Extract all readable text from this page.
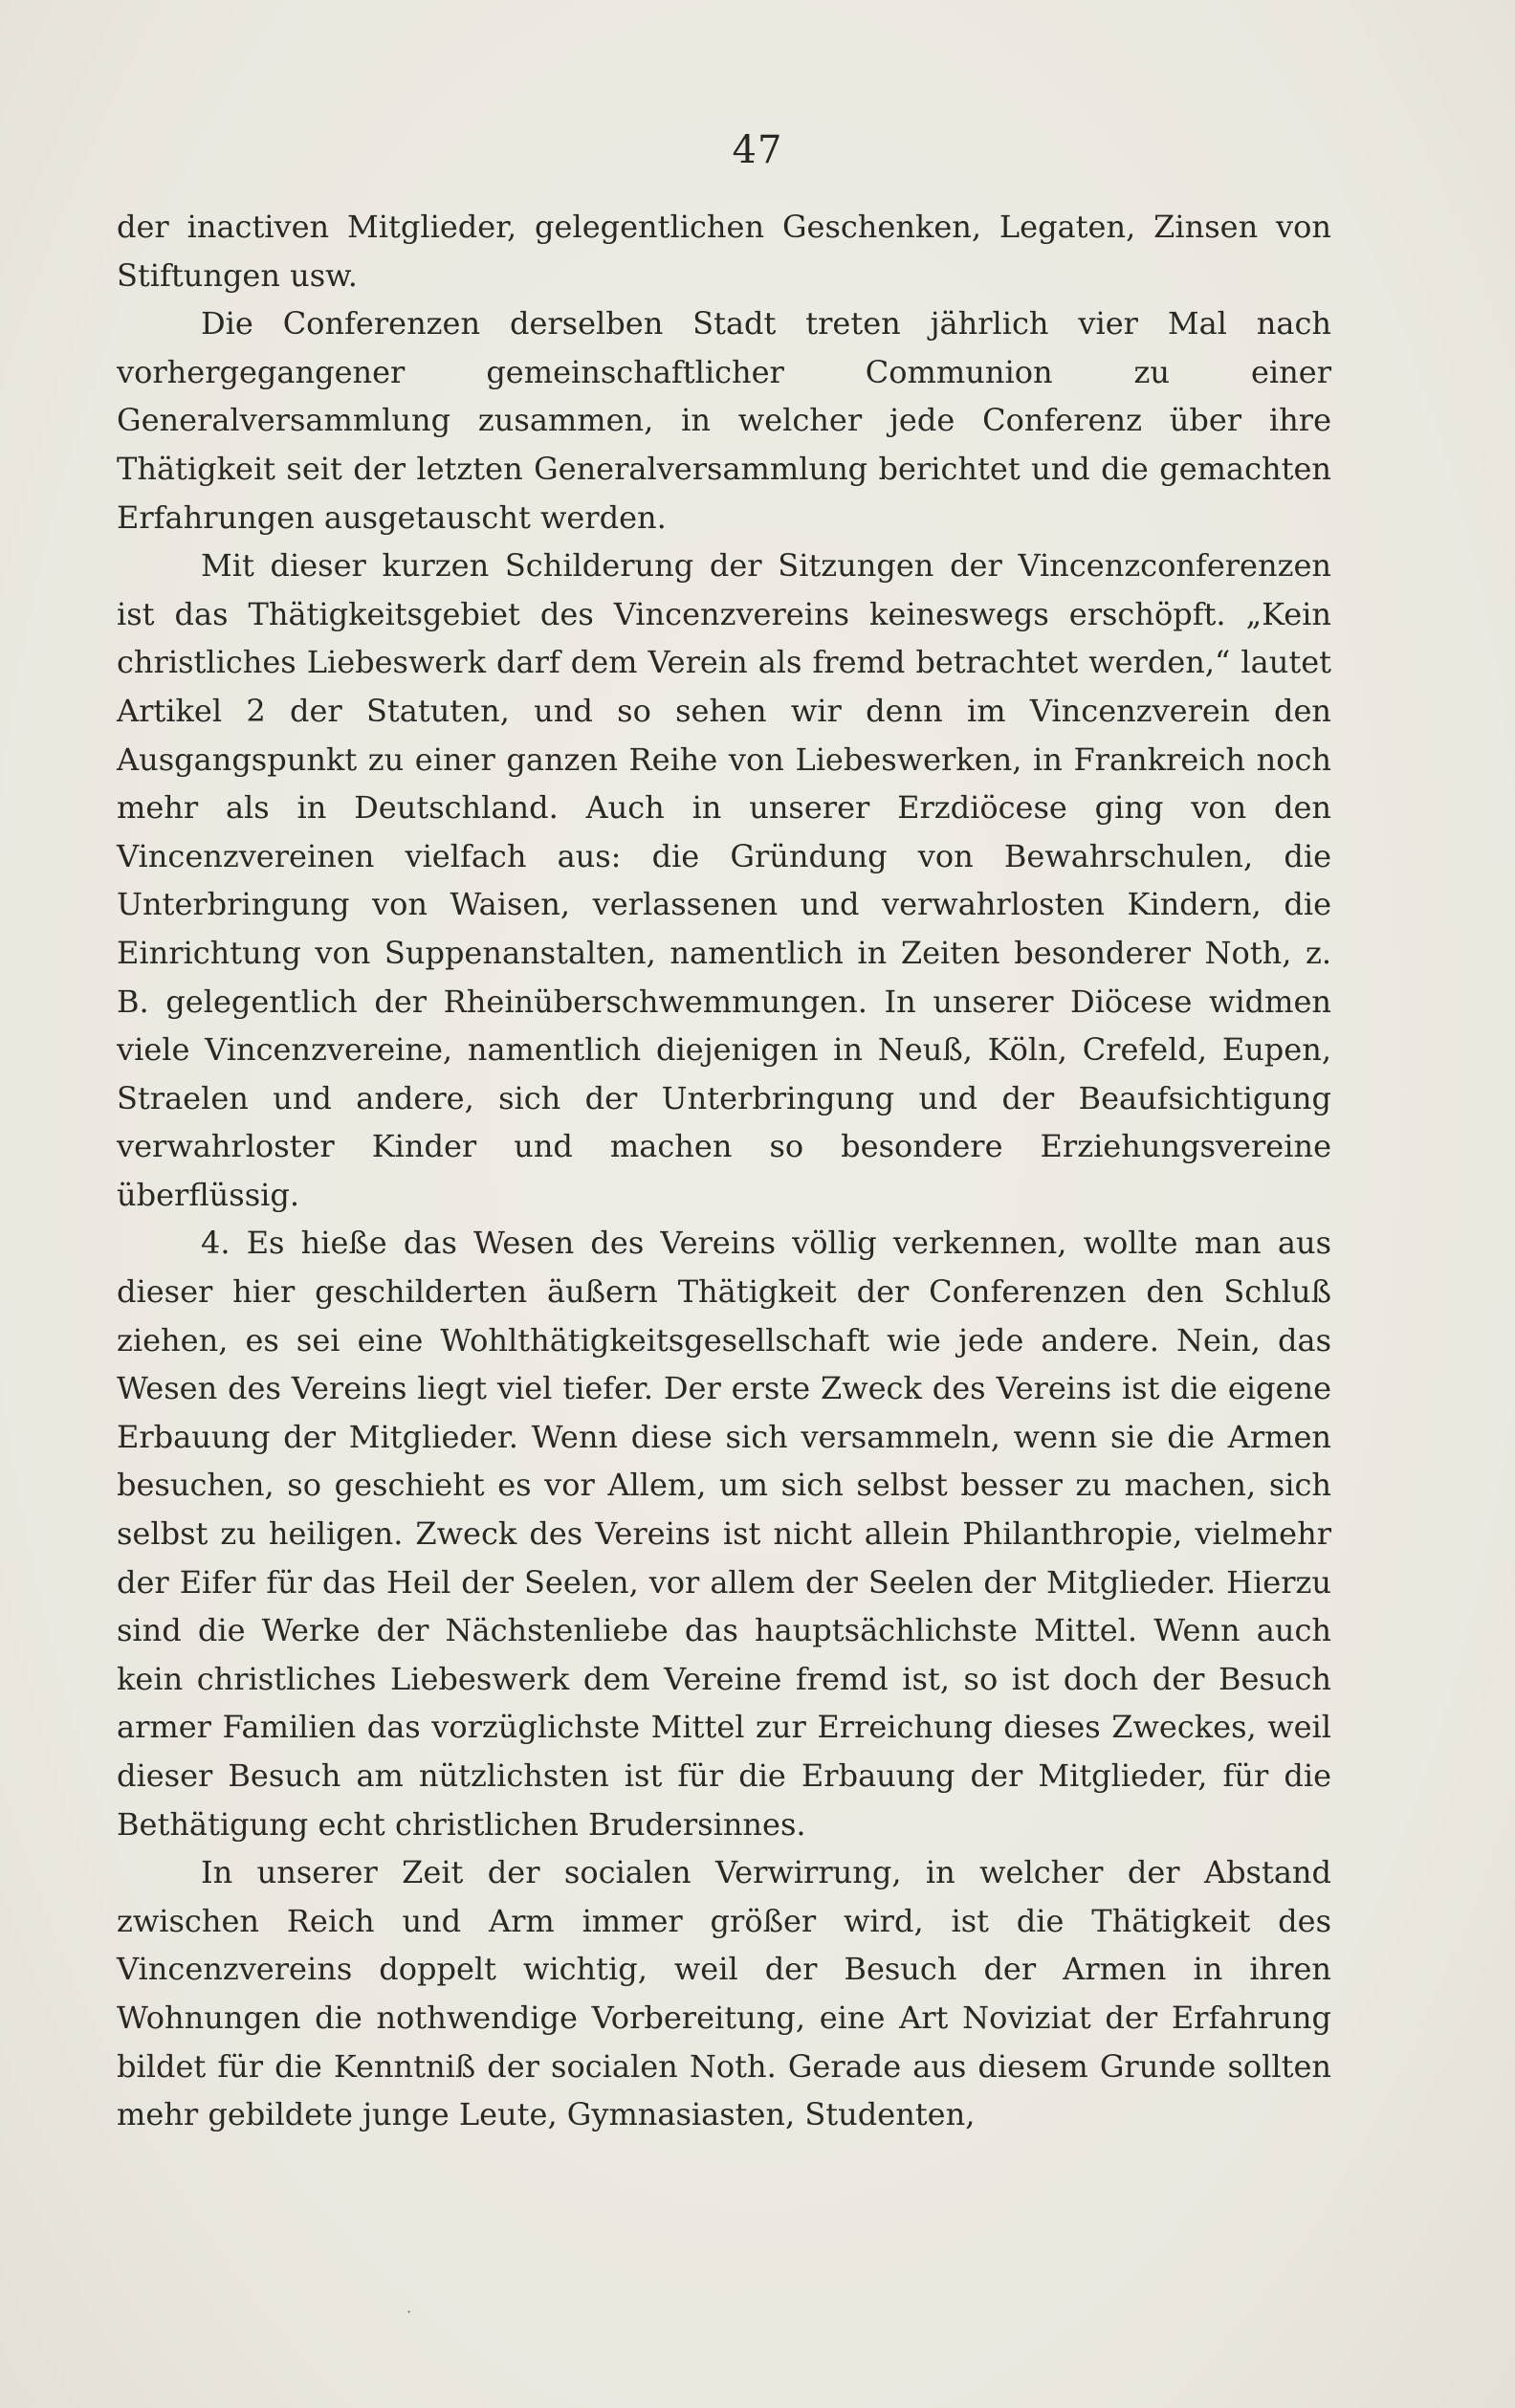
47

der inactiven Mitglieder, gelegentlichen Geschenken, Legaten, Zinsen von Stiftungen usw.

Die Conferenzen derselben Stadt treten jährlich vier Mal nach vorhergegangener gemeinschaftlicher Communion zu einer Generalversammlung zusammen, in welcher jede Conferenz über ihre Thätigkeit seit der letzten Generalversammlung berichtet und die gemachten Erfahrungen ausgetauscht werden.

Mit dieser kurzen Schilderung der Sitzungen der Vincenzconferenzen ist das Thätigkeitsgebiet des Vincenzvereins keineswegs erschöpft. „Kein christliches Liebeswerk darf dem Verein als fremd betrachtet werden,“ lautet Artikel 2 der Statuten, und so sehen wir denn im Vincenzverein den Ausgangspunkt zu einer ganzen Reihe von Liebeswerken, in Frankreich noch mehr als in Deutschland. Auch in unserer Erzdiöcese ging von den Vincenzvereinen vielfach aus: die Gründung von Bewahrschulen, die Unterbringung von Waisen, verlassenen und verwahrlosten Kindern, die Einrichtung von Suppenanstalten, namentlich in Zeiten besonderer Noth, z. B. gelegentlich der Rheinüberschwemmungen. In unserer Diöcese widmen viele Vincenzvereine, namentlich diejenigen in Neuß, Köln, Crefeld, Eupen, Straelen und andere, sich der Unterbringung und der Beaufsichtigung verwahrloster Kinder und machen so besondere Erziehungsvereine überflüssig.

4. Es hieße das Wesen des Vereins völlig verkennen, wollte man aus dieser hier geschilderten äußern Thätigkeit der Conferenzen den Schluß ziehen, es sei eine Wohlthätigkeitsgesellschaft wie jede andere. Nein, das Wesen des Vereins liegt viel tiefer. Der erste Zweck des Vereins ist die eigene Erbauung der Mitglieder. Wenn diese sich versammeln, wenn sie die Armen besuchen, so geschieht es vor Allem, um sich selbst besser zu machen, sich selbst zu heiligen. Zweck des Vereins ist nicht allein Philanthropie, vielmehr der Eifer für das Heil der Seelen, vor allem der Seelen der Mitglieder. Hierzu sind die Werke der Nächstenliebe das hauptsächlichste Mittel. Wenn auch kein christliches Liebeswerk dem Vereine fremd ist, so ist doch der Besuch armer Familien das vorzüglichste Mittel zur Erreichung dieses Zweckes, weil dieser Besuch am nützlichsten ist für die Erbauung der Mitglieder, für die Bethätigung echt christlichen Brudersinnes.

In unserer Zeit der socialen Verwirrung, in welcher der Abstand zwischen Reich und Arm immer größer wird, ist die Thätigkeit des Vincenzvereins doppelt wichtig, weil der Besuch der Armen in ihren Wohnungen die nothwendige Vorbereitung, eine Art Noviziat der Erfahrung bildet für die Kenntniß der socialen Noth. Gerade aus diesem Grunde sollten mehr gebildete junge Leute, Gymnasiasten, Studenten,

·
